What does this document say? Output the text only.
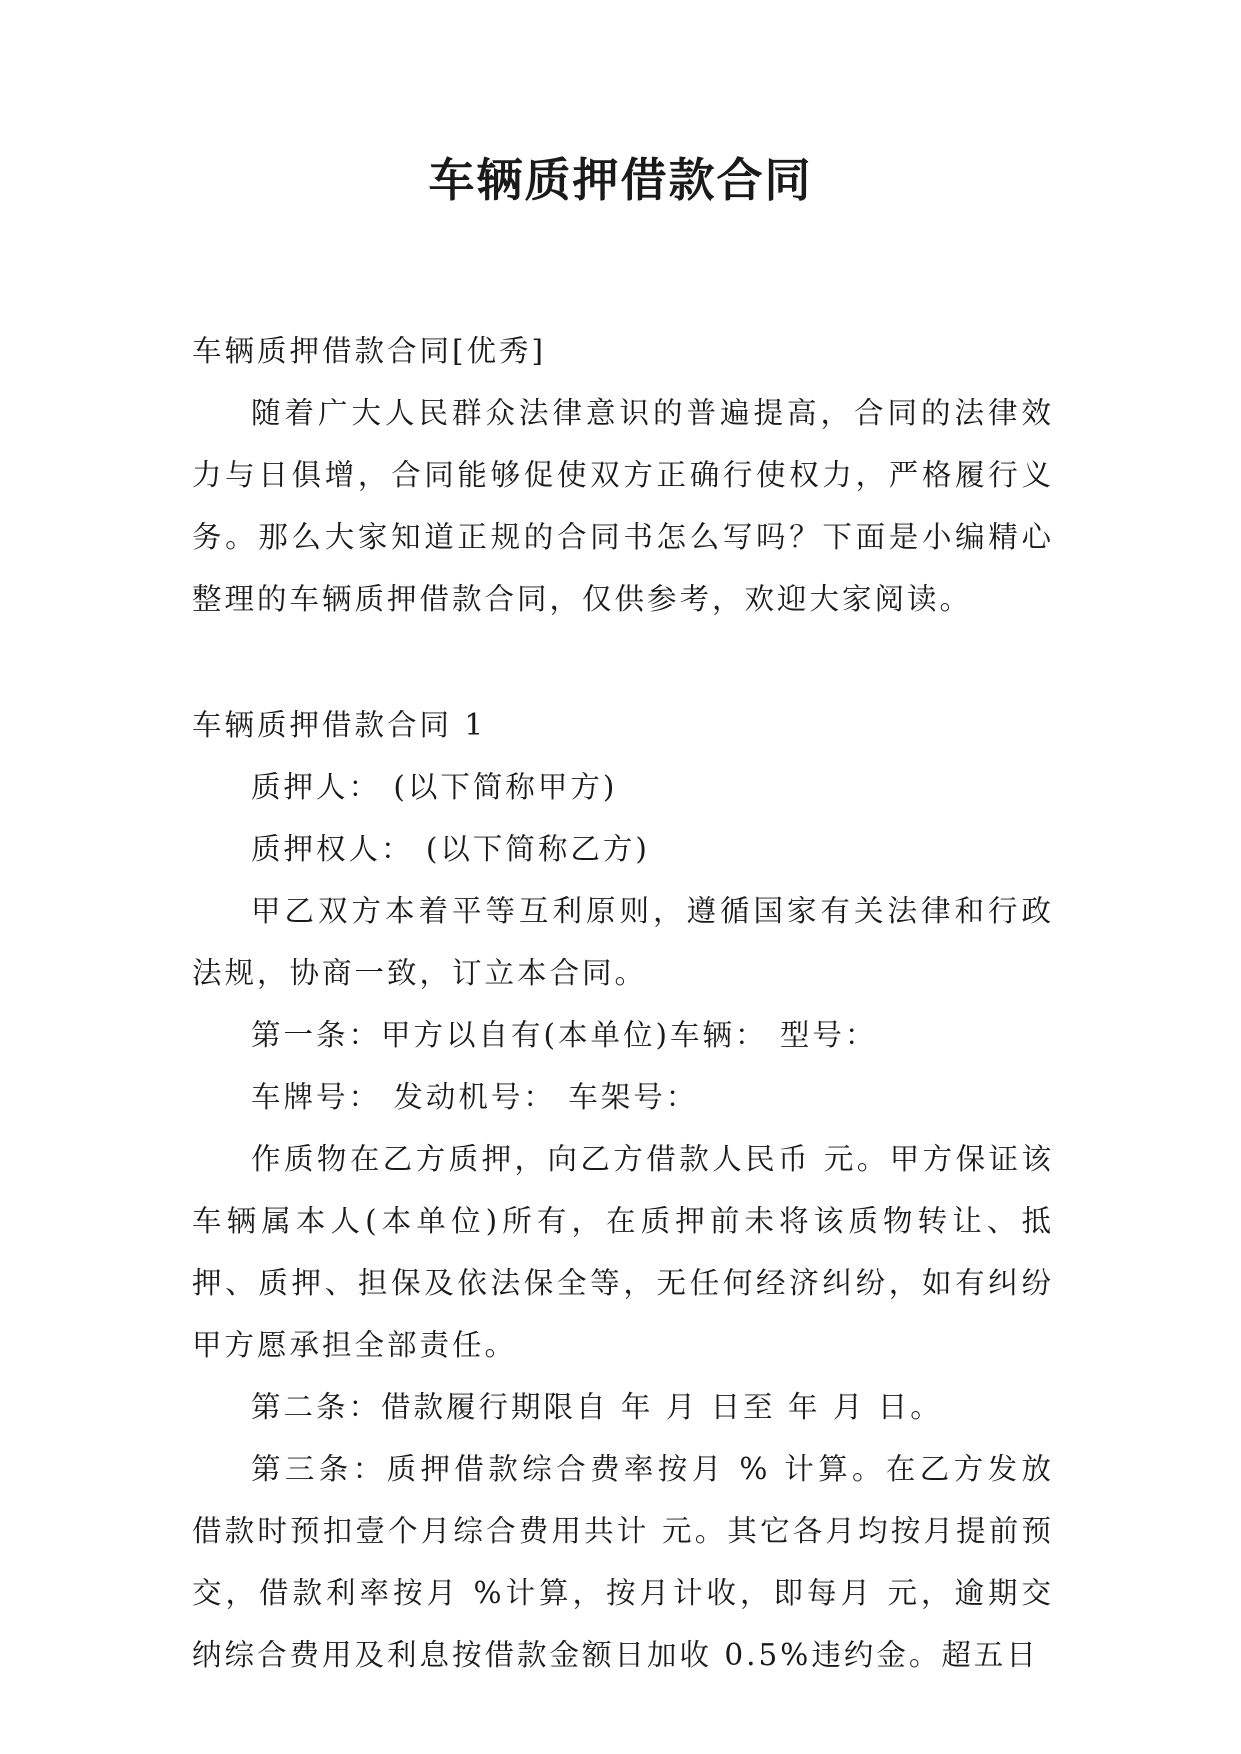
车辆质押借款合同

车辆质押借款合同[优秀]

随着广大人民群众法律意识的普遍提高，合同的法律效力与日俱增，合同能够促使双方正确行使权力，严格履行义务。那么大家知道正规的合同书怎么写吗？下面是小编精心整理的车辆质押借款合同，仅供参考，欢迎大家阅读。

车辆质押借款合同 1

质押人： (以下简称甲方)

质押权人： (以下简称乙方)

甲乙双方本着平等互利原则，遵循国家有关法律和行政法规，协商一致，订立本合同。

第一条：甲方以自有(本单位)车辆： 型号：

车牌号： 发动机号： 车架号：

作质物在乙方质押，向乙方借款人民币 元。甲方保证该车辆属本人(本单位)所有，在质押前未将该质物转让、抵押、质押、担保及依法保全等，无任何经济纠纷，如有纠纷甲方愿承担全部责任。

第二条：借款履行期限自 年 月 日至 年 月 日。

第三条：质押借款综合费率按月 % 计算。在乙方发放借款时预扣壹个月综合费用共计 元。其它各月均按月提前预交，借款利率按月 %计算，按月计收，即每月 元，逾期交纳综合费用及利息按借款金额日加收 0.5%违约金。超五日
